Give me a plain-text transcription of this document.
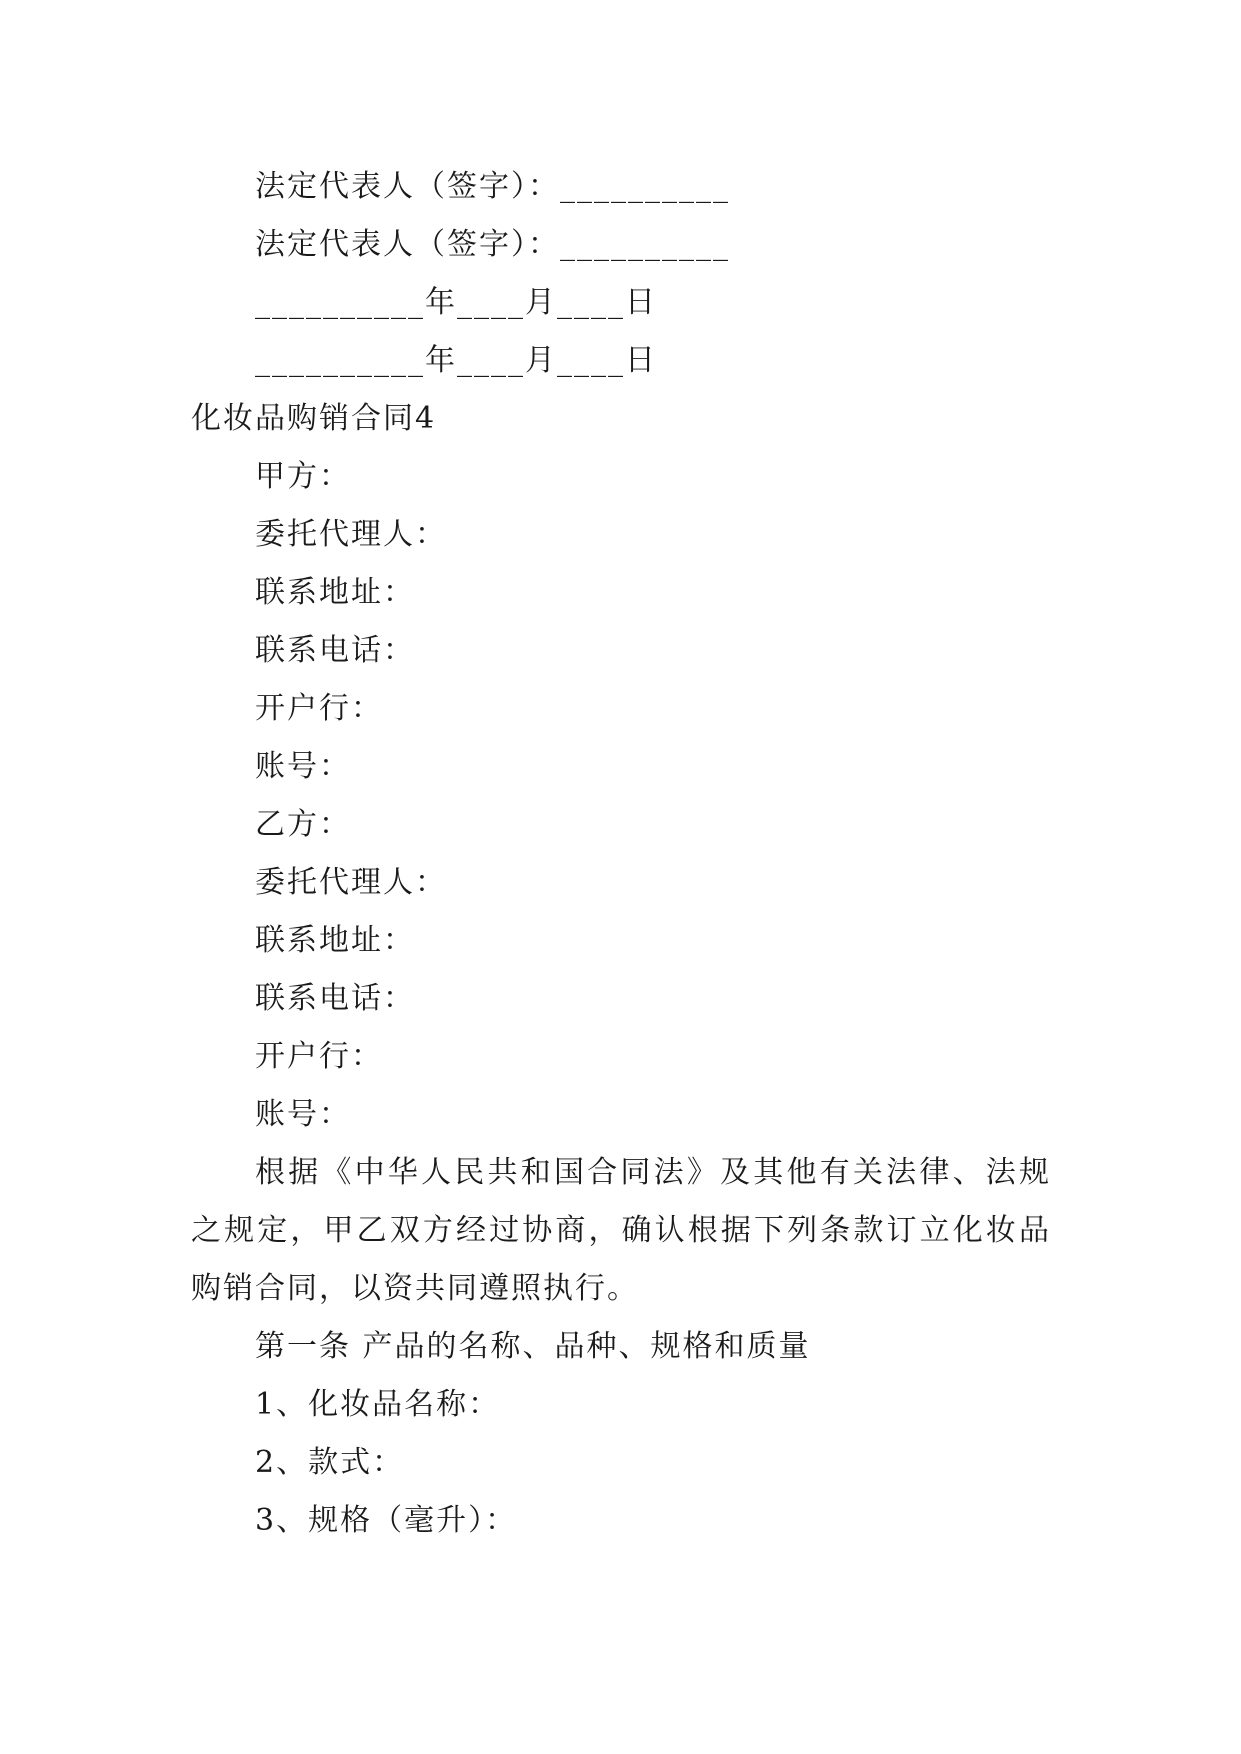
法定代表人（签字）：__________
法定代表人（签字）：__________
__________年____月____日
__________年____月____日
化妆品购销合同4
甲方：
委托代理人：
联系地址：
联系电话：
开户行：
账号：
乙方：
委托代理人：
联系地址：
联系电话：
开户行：
账号：
根据《中华人民共和国合同法》及其他有关法律、法规之规定，甲乙双方经过协商，确认根据下列条款订立化妆品购销合同，以资共同遵照执行。
第一条 产品的名称、品种、规格和质量
1、化妆品名称：
2、款式：
3、规格（毫升）：
